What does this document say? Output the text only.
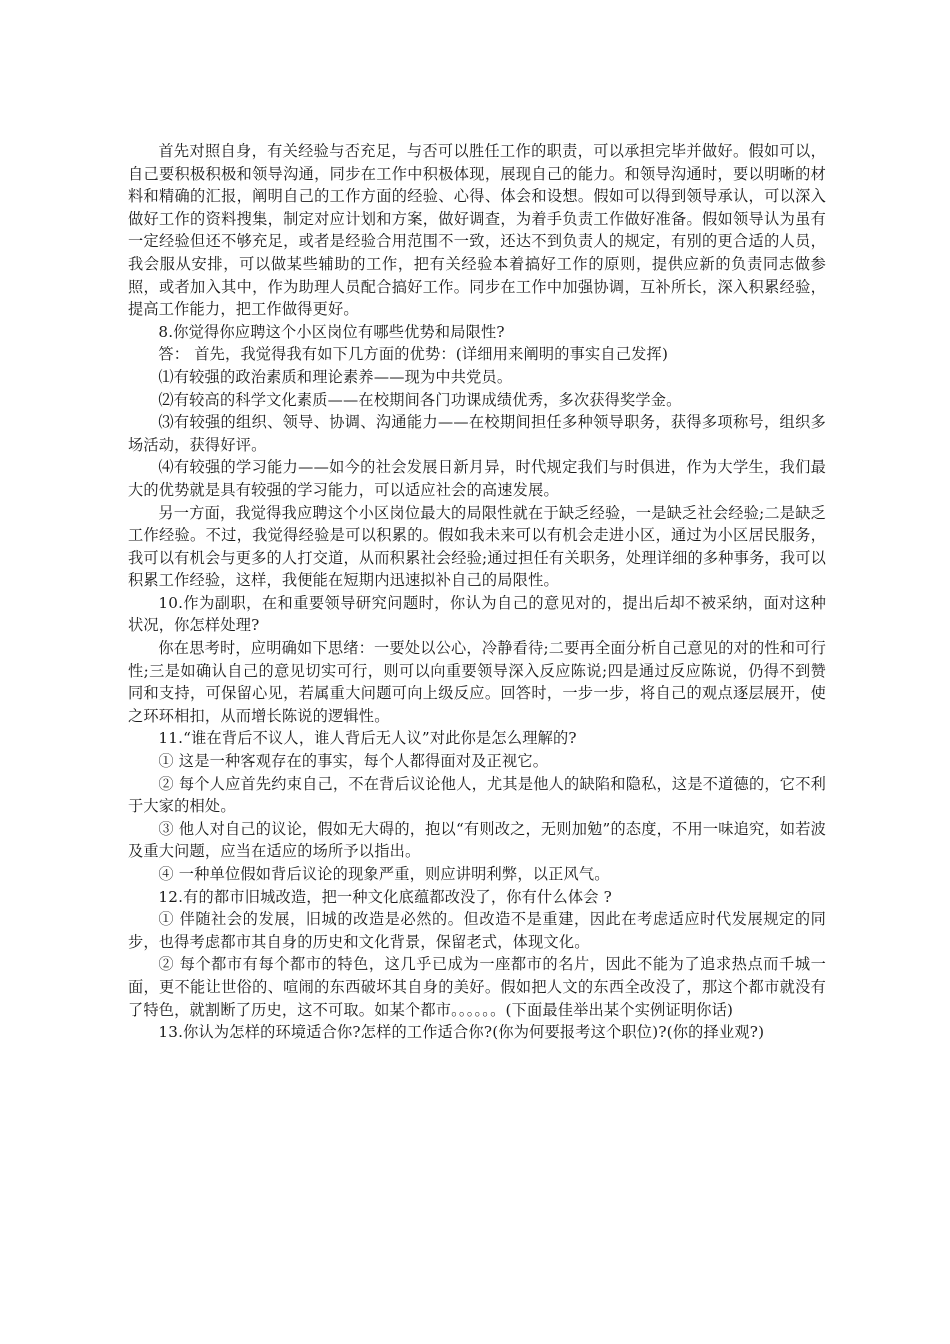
首先对照自身，有关经验与否充足，与否可以胜任工作的职责，可以承担完毕并做好。假如可以，自己要积极积极和领导沟通，同步在工作中积极体现，展现自己的能力。和领导沟通时，要以明晰的材料和精确的汇报，阐明自己的工作方面的经验、心得、体会和设想。假如可以得到领导承认，可以深入做好工作的资料搜集，制定对应计划和方案，做好调查，为着手负责工作做好准备。假如领导认为虽有一定经验但还不够充足，或者是经验合用范围不一致，还达不到负责人的规定，有别的更合适的人员，我会服从安排，可以做某些辅助的工作，把有关经验本着搞好工作的原则，提供应新的负责同志做参照，或者加入其中，作为助理人员配合搞好工作。同步在工作中加强协调，互补所长，深入积累经验，提高工作能力，把工作做得更好。

8.你觉得你应聘这个小区岗位有哪些优势和局限性?

答： 首先，我觉得我有如下几方面的优势：(详细用来阐明的事实自己发挥)

⑴有较强的政治素质和理论素养——现为中共党员。

⑵有较高的科学文化素质——在校期间各门功课成绩优秀，多次获得奖学金。

⑶有较强的组织、领导、协调、沟通能力——在校期间担任多种领导职务，获得多项称号，组织多场活动，获得好评。

⑷有较强的学习能力——如今的社会发展日新月异，时代规定我们与时俱进，作为大学生，我们最大的优势就是具有较强的学习能力，可以适应社会的高速发展。

另一方面，我觉得我应聘这个小区岗位最大的局限性就在于缺乏经验，一是缺乏社会经验;二是缺乏工作经验。不过，我觉得经验是可以积累的。假如我未来可以有机会走进小区，通过为小区居民服务，我可以有机会与更多的人打交道，从而积累社会经验;通过担任有关职务，处理详细的多种事务，我可以积累工作经验，这样，我便能在短期内迅速拟补自己的局限性。

10.作为副职，在和重要领导研究问题时，你认为自己的意见对的，提出后却不被采纳，面对这种状况，你怎样处理?

你在思考时，应明确如下思绪：一要处以公心，冷静看待;二要再全面分析自己意见的对的性和可行性;三是如确认自己的意见切实可行，则可以向重要领导深入反应陈说;四是通过反应陈说，仍得不到赞同和支持，可保留心见，若属重大问题可向上级反应。回答时，一步一步，将自己的观点逐层展开，使之环环相扣，从而增长陈说的逻辑性。

11.“谁在背后不议人，谁人背后无人议”对此你是怎么理解的?

① 这是一种客观存在的事实，每个人都得面对及正视它。

② 每个人应首先约束自己，不在背后议论他人，尤其是他人的缺陷和隐私，这是不道德的，它不利于大家的相处。

③ 他人对自己的议论，假如无大碍的，抱以“有则改之，无则加勉”的态度，不用一味追究，如若波及重大问题，应当在适应的场所予以指出。

④ 一种单位假如背后议论的现象严重，则应讲明利弊，以正风气。

12.有的都市旧城改造，把一种文化底蕴都改没了，你有什么体会 ?

① 伴随社会的发展，旧城的改造是必然的。但改造不是重建，因此在考虑适应时代发展规定的同步，也得考虑都市其自身的历史和文化背景，保留老式，体现文化。

② 每个都市有每个都市的特色，这几乎已成为一座都市的名片，因此不能为了追求热点而千城一面，更不能让世俗的、喧闹的东西破坏其自身的美好。假如把人文的东西全改没了，那这个都市就没有了特色，就割断了历史，这不可取。如某个都市。。。。。。(下面最佳举出某个实例证明你话)

13.你认为怎样的环境适合你?怎样的工作适合你?(你为何要报考这个职位)?(你的择业观?)
